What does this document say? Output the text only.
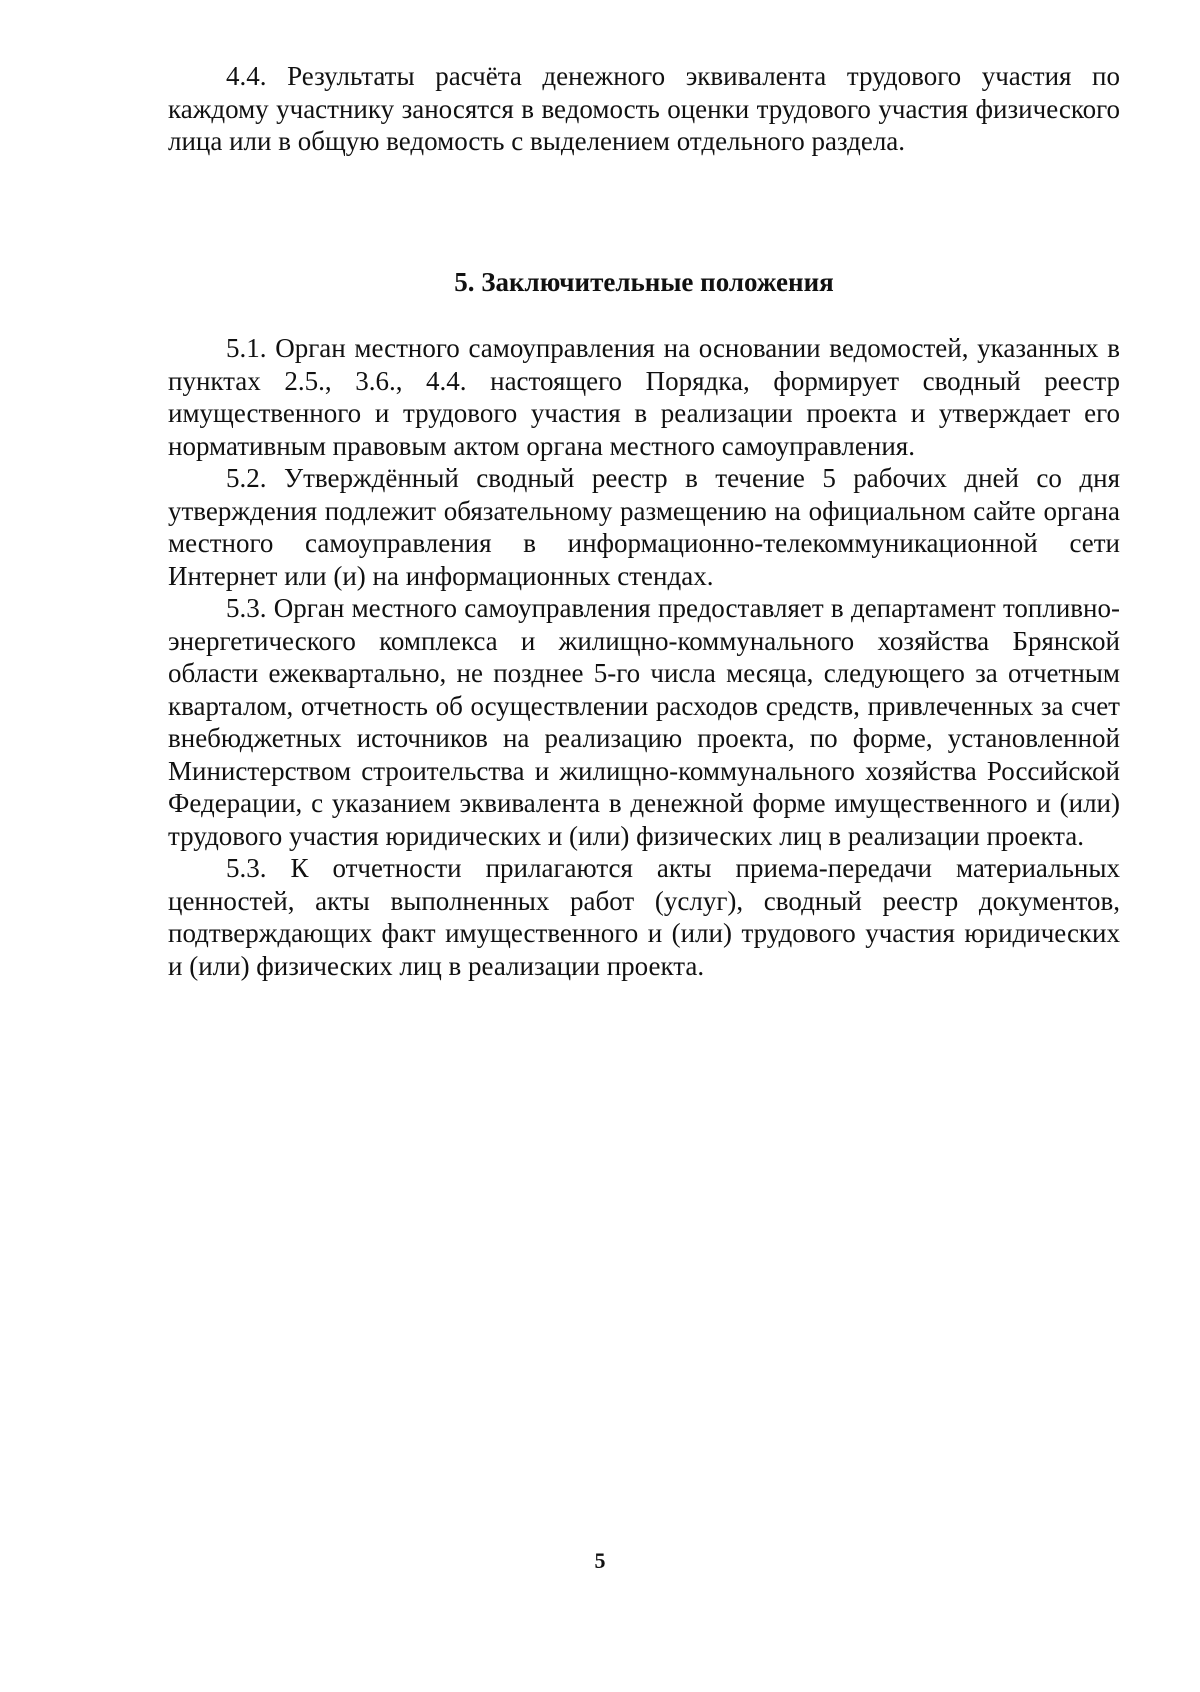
4.4. Результаты расчёта денежного эквивалента трудового участия по каждому участнику заносятся в ведомость оценки трудового участия физического лица или в общую ведомость с выделением отдельного раздела.

5. Заключительные положения

5.1. Орган местного самоуправления на основании ведомостей, указанных в пунктах 2.5., 3.6., 4.4. настоящего Порядка, формирует сводный реестр имущественного и трудового участия в реализации проекта и утверждает его нормативным правовым актом органа местного самоуправления.

5.2. Утверждённый сводный реестр в течение 5 рабочих дней со дня утверждения подлежит обязательному размещению на официальном сайте органа местного самоуправления в информационно-телекоммуникационной сети Интернет или (и) на информационных стендах.

5.3. Орган местного самоуправления предоставляет в департамент топливно-энергетического комплекса и жилищно-коммунального хозяйства Брянской области ежеквартально, не позднее 5-го числа месяца, следующего за отчетным кварталом, отчетность об осуществлении расходов средств, привлеченных за счет внебюджетных источников на реализацию проекта, по форме, установленной Министерством строительства и жилищно-коммунального хозяйства Российской Федерации, с указанием эквивалента в денежной форме имущественного и (или) трудового участия юридических и (или) физических лиц в реализации проекта.

5.3. К отчетности прилагаются акты приема-передачи материальных ценностей, акты выполненных работ (услуг), сводный реестр документов, подтверждающих факт имущественного и (или) трудового участия юридических и (или) физических лиц в реализации проекта.

5
